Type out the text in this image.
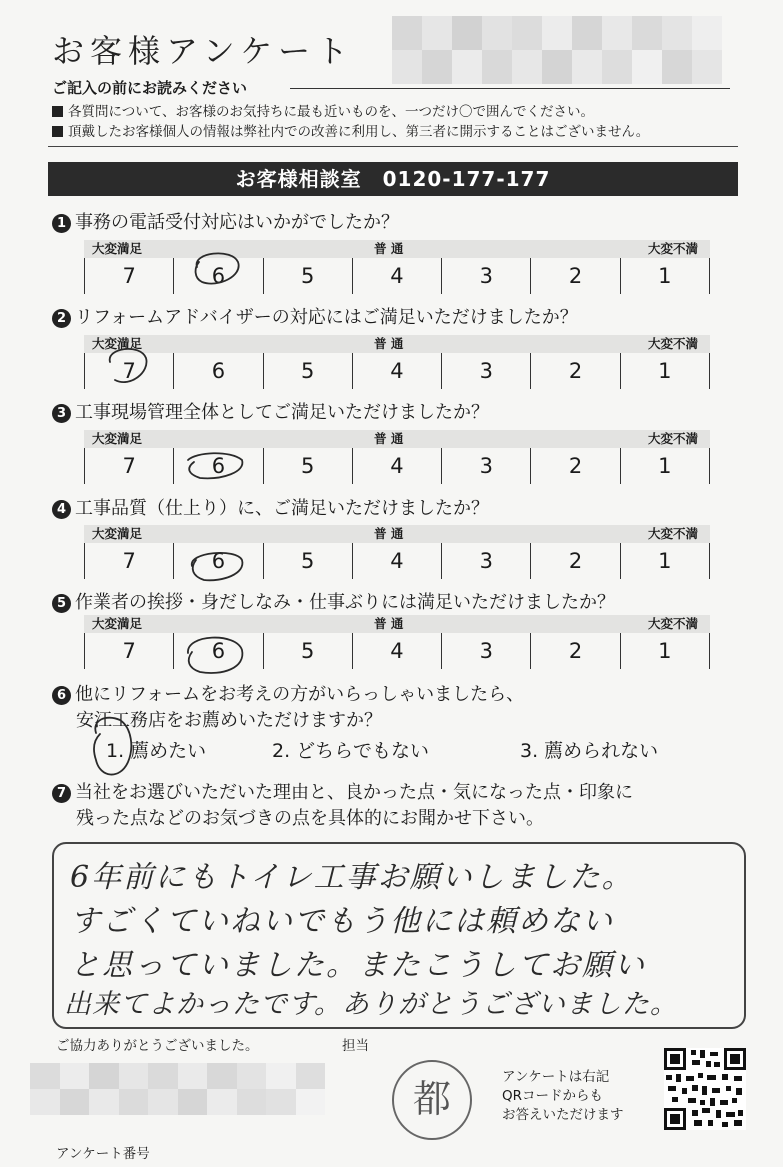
お客様アンケート
ご記入の前にお読みください
各質問について、お客様のお気持ちに最も近いものを、一つだけ〇で囲んでください。
頂戴したお客様個人の情報は弊社内での改善に利用し、第三者に開示することはございません。
お客様相談室　0120-177-177
1 事務の電話受付対応はいかがでしたか？
大変満足	普 通	大変不満
7	6	5	4	3	2	1
2 リフォームアドバイザーの対応にはご満足いただけましたか？
大変満足	普 通	大変不満
7	6	5	4	3	2	1
3 工事現場管理全体としてご満足いただけましたか？
大変満足	普 通	大変不満
7	6	5	4	3	2	1
4 工事品質（仕上り）に、ご満足いただけましたか？
大変満足	普 通	大変不満
7	6	5	4	3	2	1
5 作業者の挨拶・身だしなみ・仕事ぶりには満足いただけましたか？
大変満足	普 通	大変不満
7	6	5	4	3	2	1
6 他にリフォームをお考えの方がいらっしゃいましたら、
安江工務店をお薦めいただけますか？
1. 薦めたい	2. どちらでもない	3. 薦められない
7 当社をお選びいただいた理由と、良かった点・気になった点・印象に
残った点などのお気づきの点を具体的にお聞かせ下さい。
6年前にもトイレ工事お願いしました。
すごくていねいでもう他には頼めない
と思っていました。またこうしてお願い
出来てよかったです。ありがとうございました。
ご協力ありがとうございました。	担当
都	アンケートは右記
QRコードからも
お答えいただけます
アンケート番号
